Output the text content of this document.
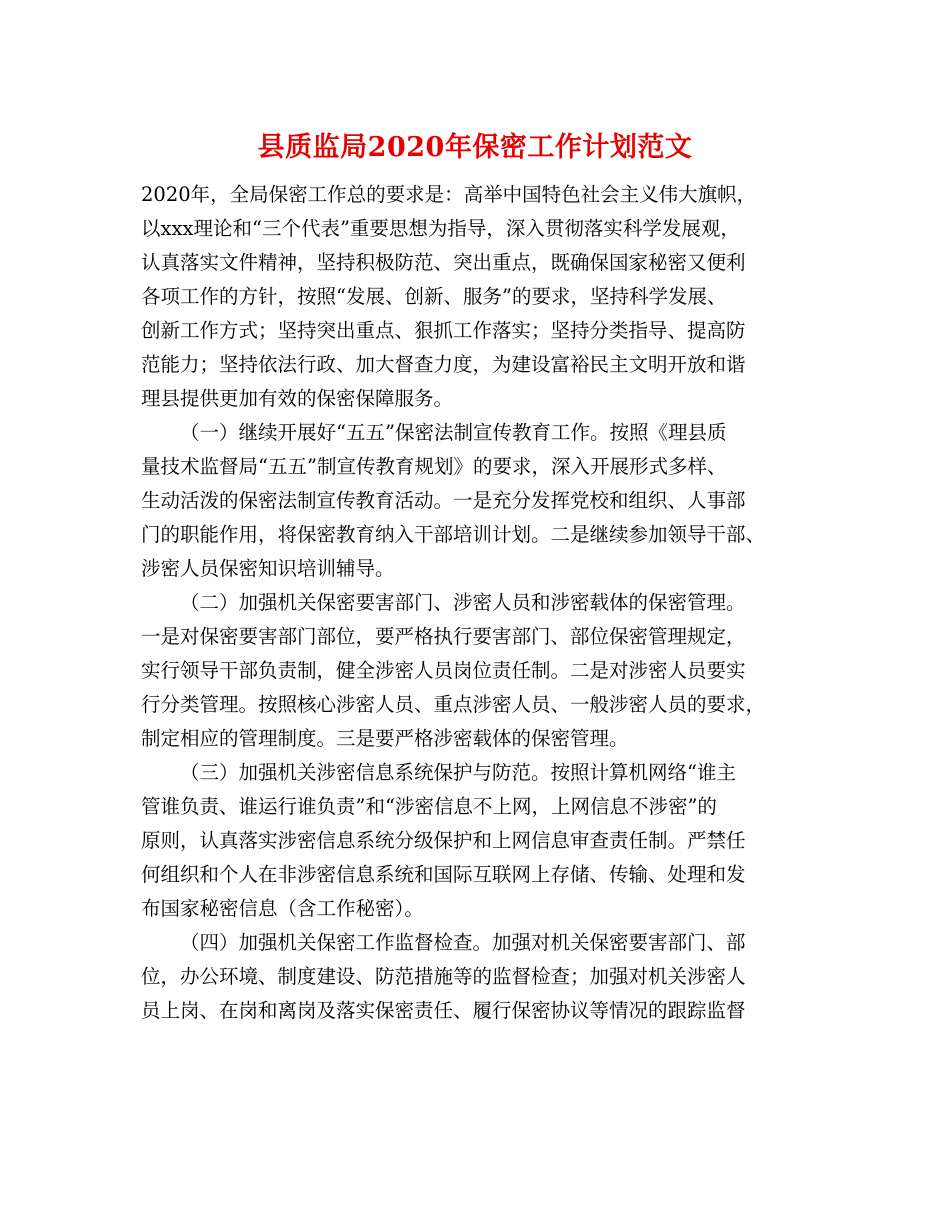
县质监局2020年保密工作计划范文

2020年，全局保密工作总的要求是：高举中国特色社会主义伟大旗帜，
以xxx理论和“三个代表”重要思想为指导，深入贯彻落实科学发展观，
认真落实文件精神，坚持积极防范、突出重点，既确保国家秘密又便利
各项工作的方针，按照“发展、创新、服务”的要求，坚持科学发展、
创新工作方式；坚持突出重点、狠抓工作落实；坚持分类指导、提高防
范能力；坚持依法行政、加大督查力度，为建设富裕民主文明开放和谐
理县提供更加有效的保密保障服务。

（一）继续开展好“五五”保密法制宣传教育工作。按照《理县质
量技术监督局“五五”制宣传教育规划》的要求，深入开展形式多样、
生动活泼的保密法制宣传教育活动。一是充分发挥党校和组织、人事部
门的职能作用，将保密教育纳入干部培训计划。二是继续参加领导干部、
涉密人员保密知识培训辅导。

（二）加强机关保密要害部门、涉密人员和涉密载体的保密管理。
一是对保密要害部门部位，要严格执行要害部门、部位保密管理规定，
实行领导干部负责制，健全涉密人员岗位责任制。二是对涉密人员要实
行分类管理。按照核心涉密人员、重点涉密人员、一般涉密人员的要求，
制定相应的管理制度。三是要严格涉密载体的保密管理。

（三）加强机关涉密信息系统保护与防范。按照计算机网络“谁主
管谁负责、谁运行谁负责”和“涉密信息不上网，上网信息不涉密”的
原则，认真落实涉密信息系统分级保护和上网信息审查责任制。严禁任
何组织和个人在非涉密信息系统和国际互联网上存储、传输、处理和发
布国家秘密信息（含工作秘密）。

（四）加强机关保密工作监督检查。加强对机关保密要害部门、部
位，办公环境、制度建设、防范措施等的监督检查；加强对机关涉密人
员上岗、在岗和离岗及落实保密责任、履行保密协议等情况的跟踪监督
